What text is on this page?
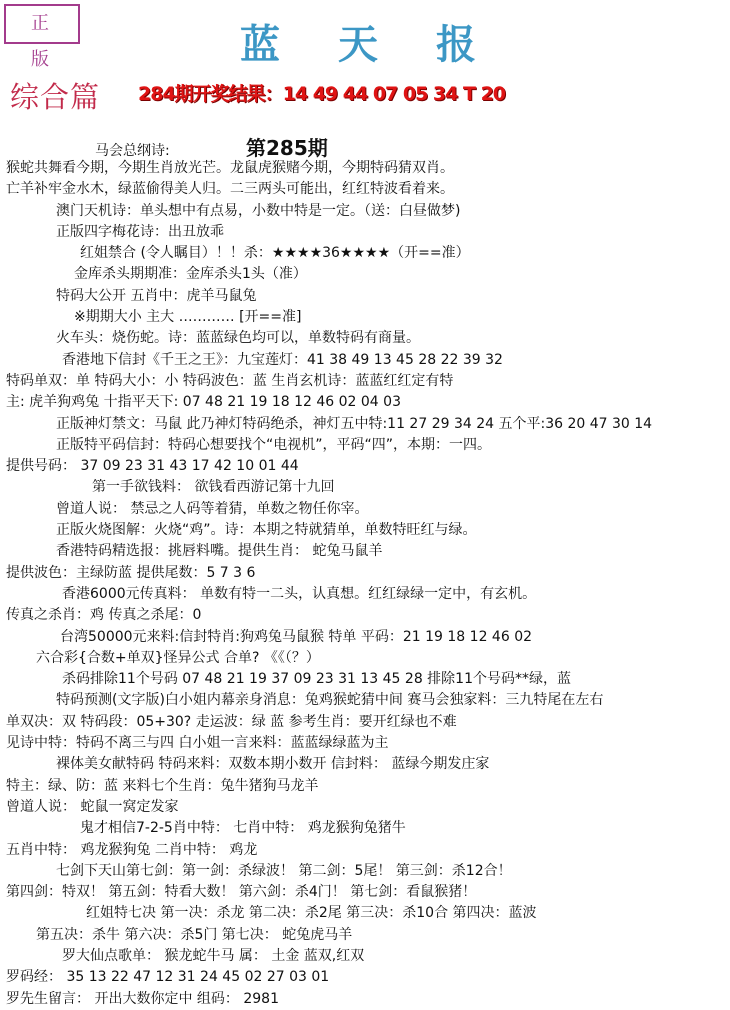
正 版	蓝天报
综合篇 284期开奖结果：14 49 44 07 05 34 T 20
马会总纲诗:	第285期
猴蛇共舞看今期，今期生肖放光芒。龙鼠虎猴赌今期，今期特码猜双肖。
亡羊补牢金水木，绿蓝偷得美人归。二三两头可能出，红红特波看着来。
澳门天机诗：单头想中有点易，小数中特是一定。（送：白昼做梦)
正版四字梅花诗：出丑放乖
红姐禁合 (令人瞩目）！！杀：★★★★36★★★★（开==准）
金库杀头期期准：金库杀头1头（准）
特码大公开 五肖中：虎羊马鼠兔
※期期大小 主大 ………… [开==准]
火车头：烧伤蛇。诗：蓝蓝绿色均可以，单数特码有商量。
香港地下信封《千王之王》：九宝莲灯：41 38 49 13 45 28 22 39 32
特码单双：单 特码大小：小 特码波色：蓝 生肖玄机诗：蓝蓝红红定有特
主: 虎羊狗鸡兔 十指平天下: 07 48 21 19 18 12 46 02 04 03
正版神灯禁文：马鼠 此乃神灯特码绝杀，神灯五中特:11 27 29 34 24 五个平:36 20 47 30 14
正版特平码信封：特码心想要找个“电视机”，平码“四”，本期：一四。
提供号码： 37 09 23 31 43 17 42 10 01 44
第一手欲钱料： 欲钱看西游记第十九回
曾道人说： 禁忌之人码等着猜，单数之物任你宰。
正版火烧图解：火烧“鸡”。诗：本期之特就猜单，单数特旺红与绿。
香港特码精选报：挑唇料嘴。提供生肖： 蛇兔马鼠羊
提供波色：主绿防蓝 提供尾数：5 7 3 6
香港6000元传真料： 单数有特一二头，认真想。红红绿绿一定中，有玄机。
传真之杀肖：鸡 传真之杀尾：0
台湾50000元来料:信封特肖:狗鸡兔马鼠猴 特单 平码：21 19 18 12 46 02
六合彩{合数+单双}怪异公式 合单? 《《（？）
杀码排除11个号码 07 48 21 19 37 09 23 31 13 45 28 排除11个号码**绿，蓝
特码预测(文字版)白小姐内幕亲身消息：兔鸡猴蛇猜中间 赛马会独家料：三九特尾在左右
单双决：双 特码段：05+30? 走运波：绿 蓝 参考生肖：要开红绿也不难
见诗中特：特码不离三与四 白小姐一言来料：蓝蓝绿绿蓝为主
裸体美女献特码 特码来料：双数本期小数开 信封料： 蓝绿今期发庄家
特主：绿、防：蓝 来料七个生肖：兔牛猪狗马龙羊
曾道人说： 蛇鼠一窝定发家
鬼才相信7-2-5肖中特： 七肖中特： 鸡龙猴狗兔猪牛
五肖中特： 鸡龙猴狗兔 二肖中特： 鸡龙
七剑下天山第七剑：第一剑：杀绿波！ 第二剑：5尾！ 第三剑：杀12合！
第四剑：特双！ 第五剑：特看大数！ 第六剑：杀4门！ 第七剑：看鼠猴猪！
红姐特七决 第一决：杀龙 第二决：杀2尾 第三决：杀10合 第四决：蓝波
第五决：杀牛 第六决：杀5门 第七决： 蛇兔虎马羊
罗大仙点歌单： 猴龙蛇牛马 属： 土金 蓝双,红双
罗码经： 35 13 22 47 12 31 24 45 02 27 03 01
罗先生留言： 开出大数你定中 组码： 2981
